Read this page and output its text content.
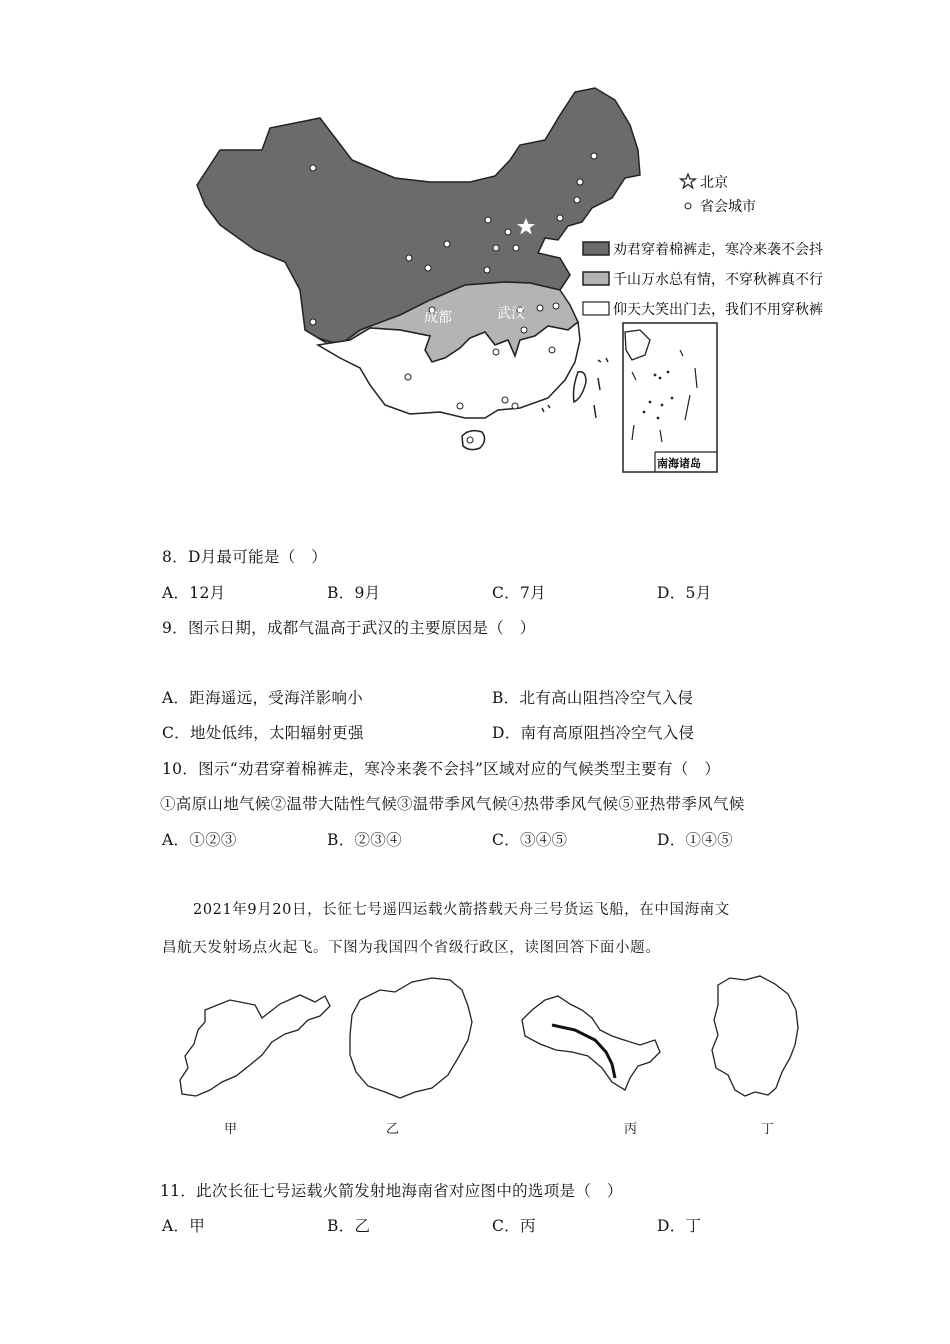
成都	武汉
南海诸岛
北京
省会城市
劝君穿着棉裤走，寒冷来袭不会抖
千山万水总有情，不穿秋裤真不行
仰天大笑出门去，我们不用穿秋裤
8．D月最可能是（　）
A．12月	B．9月	C．7月	D．5月
9．图示日期，成都气温高于武汉的主要原因是（　）
A．距海遥远，受海洋影响小	B．北有高山阻挡冷空气入侵
C．地处低纬，太阳辐射更强	D．南有高原阻挡冷空气入侵
10．图示“劝君穿着棉裤走，寒冷来袭不会抖”区域对应的气候类型主要有（　）
①高原山地气候②温带大陆性气候③温带季风气候④热带季风气候⑤亚热带季风气候
A．①②③	B．②③④	C．③④⑤	D．①④⑤
2021年9月20日，长征七号遥四运载火箭搭载天舟三号货运飞船，在中国海南文
昌航天发射场点火起飞。下图为我国四个省级行政区，读图回答下面小题。
甲	乙	丙	丁
11．此次长征七号运载火箭发射地海南省对应图中的选项是（　）
A．甲	B．乙	C．丙	D．丁
